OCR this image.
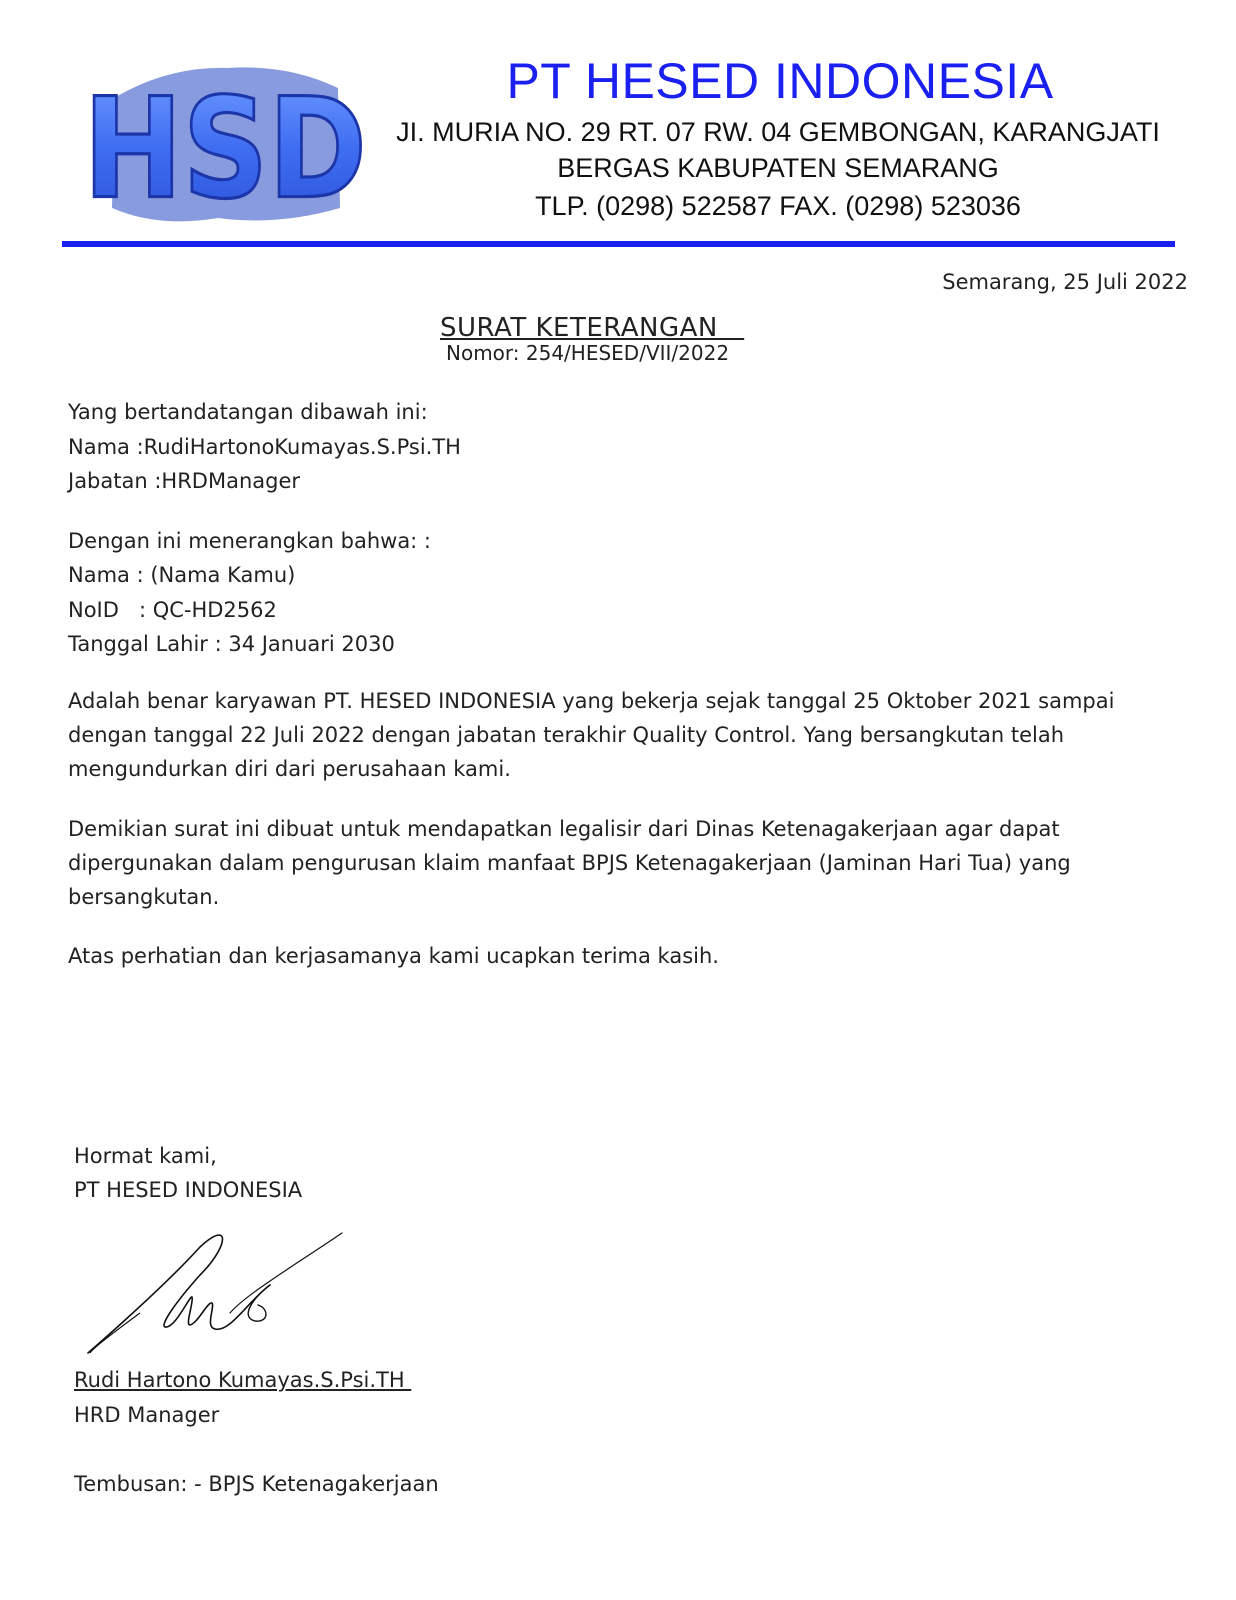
HSD	PT HESED INDONESIA
JI. MURIA NO. 29 RT. 07 RW. 04 GEMBONGAN, KARANGJATI
BERGAS KABUPATEN SEMARANG
TLP. (0298) 522587 FAX. (0298) 523036
Semarang, 25 Juli 2022
SURAT KETERANGAN
Nomor: 254/HESED/VII/2022
Yang bertandatangan dibawah ini:
Nama :RudiHartonoKumayas.S.Psi.TH
Jabatan :HRDManager
Dengan ini menerangkan bahwa: :
Nama : (Nama Kamu)
NoID   : QC-HD2562
Tanggal Lahir : 34 Januari 2030
Adalah benar karyawan PT. HESED INDONESIA yang bekerja sejak tanggal 25 Oktober 2021 sampai dengan tanggal 22 Juli 2022 dengan jabatan terakhir Quality Control. Yang bersangkutan telah mengundurkan diri dari perusahaan kami.
Demikian surat ini dibuat untuk mendapatkan legalisir dari Dinas Ketenagakerjaan agar dapat dipergunakan dalam pengurusan klaim manfaat BPJS Ketenagakerjaan (Jaminan Hari Tua) yang bersangkutan.
Atas perhatian dan kerjasamanya kami ucapkan terima kasih.
Hormat kami,
PT HESED INDONESIA
Rudi Hartono Kumayas.S.Psi.TH
HRD Manager
Tembusan: - BPJS Ketenagakerjaan
